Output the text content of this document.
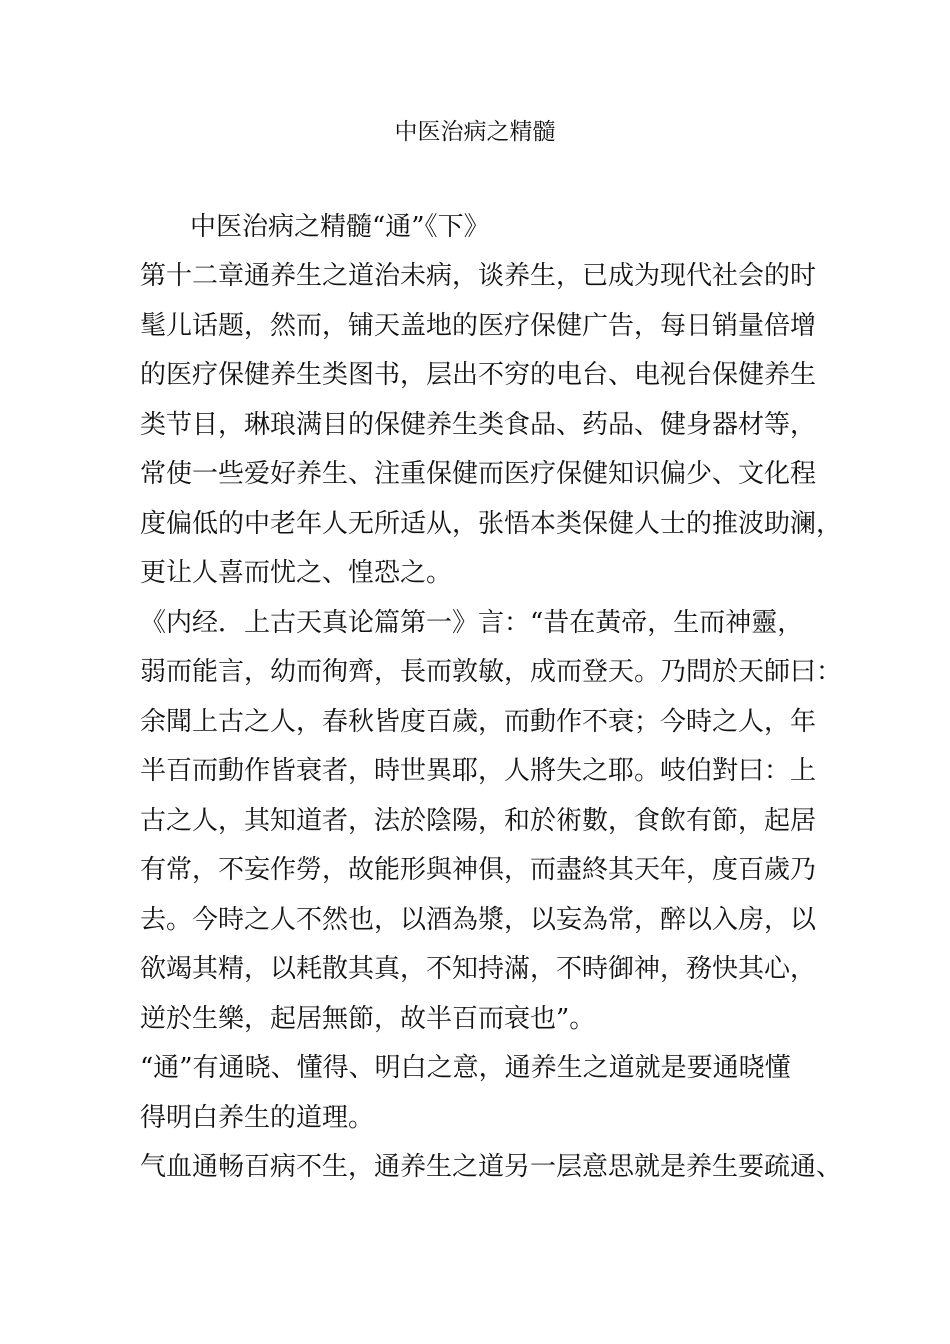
中医治病之精髓

中医治病之精髓“通”《下》

第十二章通养生之道治未病，谈养生，已成为现代社会的时

髦儿话题，然而，铺天盖地的医疗保健广告，每日销量倍增

的医疗保健养生类图书，层出不穷的电台、电视台保健养生

类节目，琳琅满目的保健养生类食品、药品、健身器材等，

常使一些爱好养生、注重保健而医疗保健知识偏少、文化程

度偏低的中老年人无所适从，张悟本类保健人士的推波助澜，

更让人喜而忧之、惶恐之。

《内经．上古天真论篇第一》言：“昔在黃帝，生而神靈，

弱而能言，幼而徇齊，長而敦敏，成而登天。乃問於天師曰：

余聞上古之人，春秋皆度百歲，而動作不衰；今時之人，年

半百而動作皆衰者，時世異耶，人將失之耶。岐伯對曰：上

古之人，其知道者，法於陰陽，和於術數，食飲有節，起居

有常，不妄作勞，故能形與神俱，而盡終其天年，度百歲乃

去。今時之人不然也，以酒為漿，以妄為常，醉以入房，以

欲竭其精，以耗散其真，不知持滿，不時御神，務快其心，

逆於生樂，起居無節，故半百而衰也”。

“通”有通晓、懂得、明白之意，通养生之道就是要通晓懂

得明白养生的道理。

气血通畅百病不生，通养生之道另一层意思就是养生要疏通、
